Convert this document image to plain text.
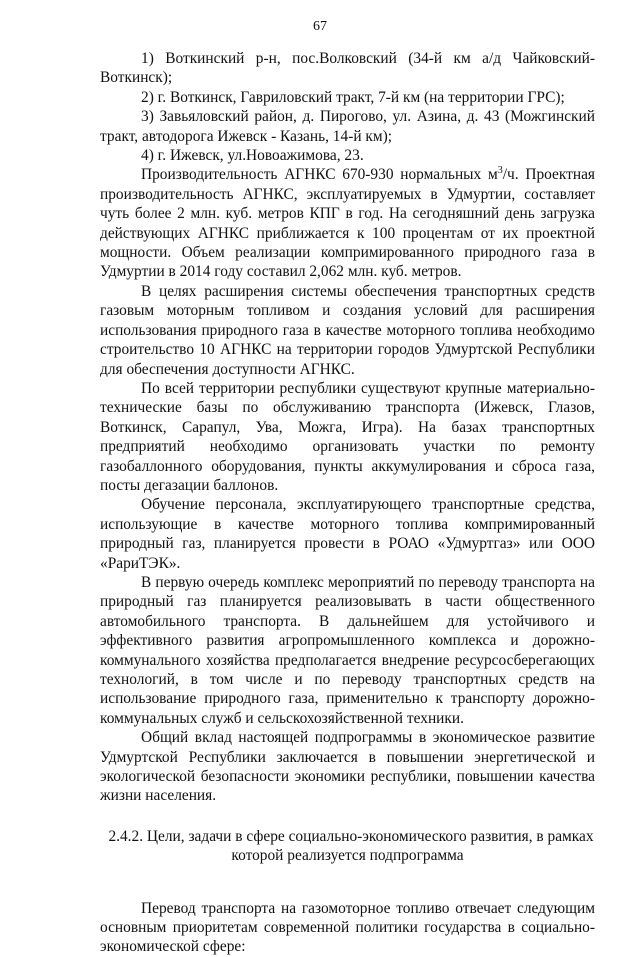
67

1) Воткинский р-н, пос.Волковский (34-й км а/д Чайковский-Воткинск);

2) г. Воткинск, Гавриловский тракт, 7-й км (на территории ГРС);

3) Завьяловский район, д. Пирогово, ул. Азина, д. 43 (Можгинский тракт, автодорога Ижевск - Казань, 14-й км);

4) г. Ижевск, ул.Новоажимова, 23.

Производительность АГНКС 670-930 нормальных $м^3/ч$. Проектная производительность АГНКС, эксплуатируемых в Удмуртии, составляет чуть более 2 млн. куб. метров КПГ в год. На сегодняшний день загрузка действующих АГНКС приближается к 100 процентам от их проектной мощности. Объем реализации компримированного природного газа в Удмуртии в 2014 году составил 2,062 млн. куб. метров.

В целях расширения системы обеспечения транспортных средств газовым моторным топливом и создания условий для расширения использования природного газа в качестве моторного топлива необходимо строительство 10 АГНКС на территории городов Удмуртской Республики для обеспечения доступности АГНКС.

По всей территории республики существуют крупные материально-технические базы по обслуживанию транспорта (Ижевск, Глазов, Воткинск, Сарапул, Ува, Можга, Игра). На базах транспортных предприятий необходимо организовать участки по ремонту газобаллонного оборудования, пункты аккумулирования и сброса газа, посты дегазации баллонов.

Обучение персонала, эксплуатирующего транспортные средства, использующие в качестве моторного топлива компримированный природный газ, планируется провести в РОАО «Удмуртгаз» или ООО «РариТЭК».

В первую очередь комплекс мероприятий по переводу транспорта на природный газ планируется реализовывать в части общественного автомобильного транспорта. В дальнейшем для устойчивого и эффективного развития агропромышленного комплекса и дорожно-коммунального хозяйства предполагается внедрение ресурсосберегающих технологий, в том числе и по переводу транспортных средств на использование природного газа, применительно к транспорту дорожно-коммунальных служб и сельскохозяйственной техники.

Общий вклад настоящей подпрограммы в экономическое развитие Удмуртской Республики заключается в повышении энергетической и экологической безопасности экономики республики, повышении качества жизни населения.

2.4.2. Цели, задачи в сфере социально-экономического развития, в рамках
которой реализуется подпрограмма

Перевод транспорта на газомоторное топливо отвечает следующим основным приоритетам современной политики государства в социально-экономической сфере:
